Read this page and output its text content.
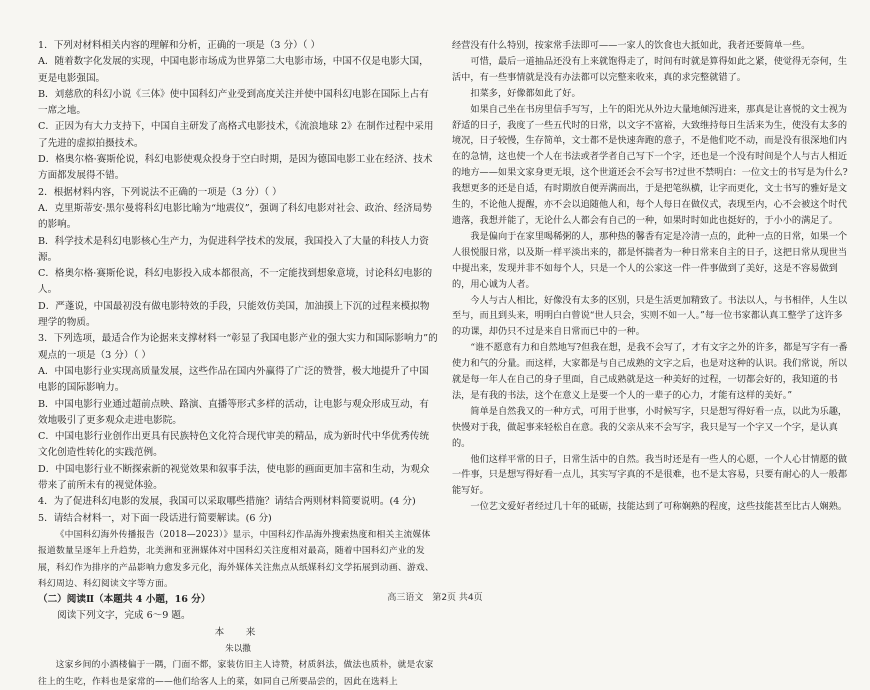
1．下列对材料相关内容的理解和分析，正确的一项是（3 分）（ ）

A．随着数字化发展的实现，中国电影市场成为世界第二大电影市场，中国不仅是电影大国，更是电影强国。

B．刘慈欣的科幻小说《三体》使中国科幻产业受到高度关注并使中国科幻电影在国际上占有一席之地。

C．正因为有大力支持下，中国自主研发了高格式电影技术，《流浪地球 2》在制作过程中采用了先进的虚拟拍摄技术。

D．格奥尔格·赛斯伦说，科幻电影使观众投身于空白时期，是因为德国电影工业在经济、技术方面都发展得不错。

2．根据材料内容，下列说法不正确的一项是（3 分）（ ）

A．克里斯蒂安·黑尔曼将科幻电影比喻为“地震仪”，强调了科幻电影对社会、政治、经济局势的影响。

B．科学技术是科幻电影核心生产力，为促进科学技术的发展，我国投入了大量的科技人力资源。

C．格奥尔格·赛斯伦说，科幻电影投入成本都很高，不一定能找到想象意境，讨论科幻电影的人。

D．严蓬说，中国最初没有做电影特效的手段，只能效仿美国，加油摸上下沉的过程来模拟物理学的物质。

3．下列选项，最适合作为论据来支撑材料一“彰显了我国电影产业的强大实力和国际影响力”的观点的一项是（3 分）（ ）

A．中国电影行业实现高质量发展，这些作品在国内外赢得了广泛的赞誉，极大地提升了中国电影的国际影响力。

B．中国电影行业通过超前点映、路演、直播等形式多样的活动，让电影与观众形成互动，有效地吸引了更多观众走进电影院。

C．中国电影行业创作出更具有民族特色文化符合现代审美的精品，成为新时代中华优秀传统文化创造性转化的实践范例。

D．中国电影行业不断探索新的视觉效果和叙事手法，使电影的画面更加丰富和生动，为观众带来了前所未有的视觉体验。

4．为了促进科幻电影的发展，我国可以采取哪些措施？请结合两则材料简要说明。(4 分)

5．请结合材料一，对下面一段话进行简要解读。(6 分)

《中国科幻海外传播报告（2018—2023）》显示，中国科幻作品海外搜索热度和相关主流媒体报道数量呈逐年上升趋势，北美洲和亚洲媒体对中国科幻关注度相对最高，随着中国科幻产业的发展，科幻作为排序的产品影响力愈发多元化，海外媒体关注焦点从纸媒科幻文学拓展到动画、游戏、科幻周边、科幻阅读文字等方面。

（二）阅读Ⅱ（本题共 4 小题，16 分）

阅读下列文字，完成 6～9 题。

本　来

朱以撒

这家乡间的小酒楼偏于一隅，门面不都，家装仿旧主人诗赞，材质斜法，做法也质朴，就是农家往上的生吃，作料也是家常的——他们给客人上的菜，如同自己所要品尝的，因此在选料上

经营没有什么特别，按家常手法即可——一家人的饮食也大抵如此，我者还要简单一些。

可惜，最后一道抽品还没有上来就饱得走了，时间有时就是算得如此之紧，使觉得无奈何，生活中，有一些事情就是没有办法都可以完整来收来，真的求完整就错了。

扣菜多，好像都如此了好。

如果自己坐在书房里信手写写，上午的阳光从外边大量地倾泻进来，那真是让喜悦的文士视为舒适的日子，我度了一些五代时的日常，以文字不富裕，大致维持每日生活来为生，使没有太多的境况，日子较慢，生存简单，文士都不是快速奔跑的意子，不是他们吃不动，而是没有很深地们内在的急情，这也使一个人在书法或者学者自己写下一个字，还也是一个没有时间是个人与古人相近的地方——如果文家身更无垠，这个世道还会不会写书?过世不禁明白：一位文士的书写是为什么?我想更多的还是自适，有时期放自便弄满而出，于是把笔纵横，让字而更化，文士书写的雅好是文生的，不论他人提醒，亦不会以追随他人和，每个人每日在做仪式，表现至内，心不会被这个时代遗落，我想并能了，无论什么人都会有自己的一种，如果时时如此也挺好的，于小小的满足了。

我是偏向于在家里喝稀粥的人，那种热的馨香有定是冷清一点的，此种一点的日常，如果一个人很悦服日常，以及斯一样平淡出来的，都是怀揣者为一种日常来自主的日子，这把日常从现世当中提出来，发现并非不如每个人，只是一个人的公家这一件一件事做到了美好，这是不容易做到的，用心诚为人者。

今人与古人相比，好像没有太多的区别，只是生活更加精致了。书法以人，与书相伴，人生以至与，而且到头来，明明白白曾说“世人只会，实则不如一人。”每一位书家都认真工整学了这许多的功课，却仍只不过是来自日常而已中的一种。

“谁不愿意有力和自然地写?但我在想，是我不会写了，才有文字之外的许多，都是写字有一番使力和气的分量。而这样，大家都是与自己成熟的文字之后，也是对这种的认识。我们常说，所以就是每一年人在自己的身子里面，自己成熟就是这一种美好的过程，一切都会好的，我知道的书法，是有我的书法，这个在意义上是要一个人的一辈子的心力，才能有这样的美好。”

简单是自然我又的一种方式，可用于世事，小时候写字，只是想写得好看一点，以此为乐趣，快慢对于我，做起事来轻松自在意。我的父亲从来不会写字，我只是写一个字又一个字，是认真的。

他们这样平常的日子，日常生活中的自然。我当时还是有一些人的心愿，一个人心甘情愿的做一件事，只是想写得好看一点儿，其实写字真的不是很难，也不是太容易，只要有耐心的人一般都能写好。

一位艺文爱好者经过几十年的砥砺，技能达到了可称娴熟的程度，这些技能甚至比古人娴熟。

高三语文　第2页 共4页
